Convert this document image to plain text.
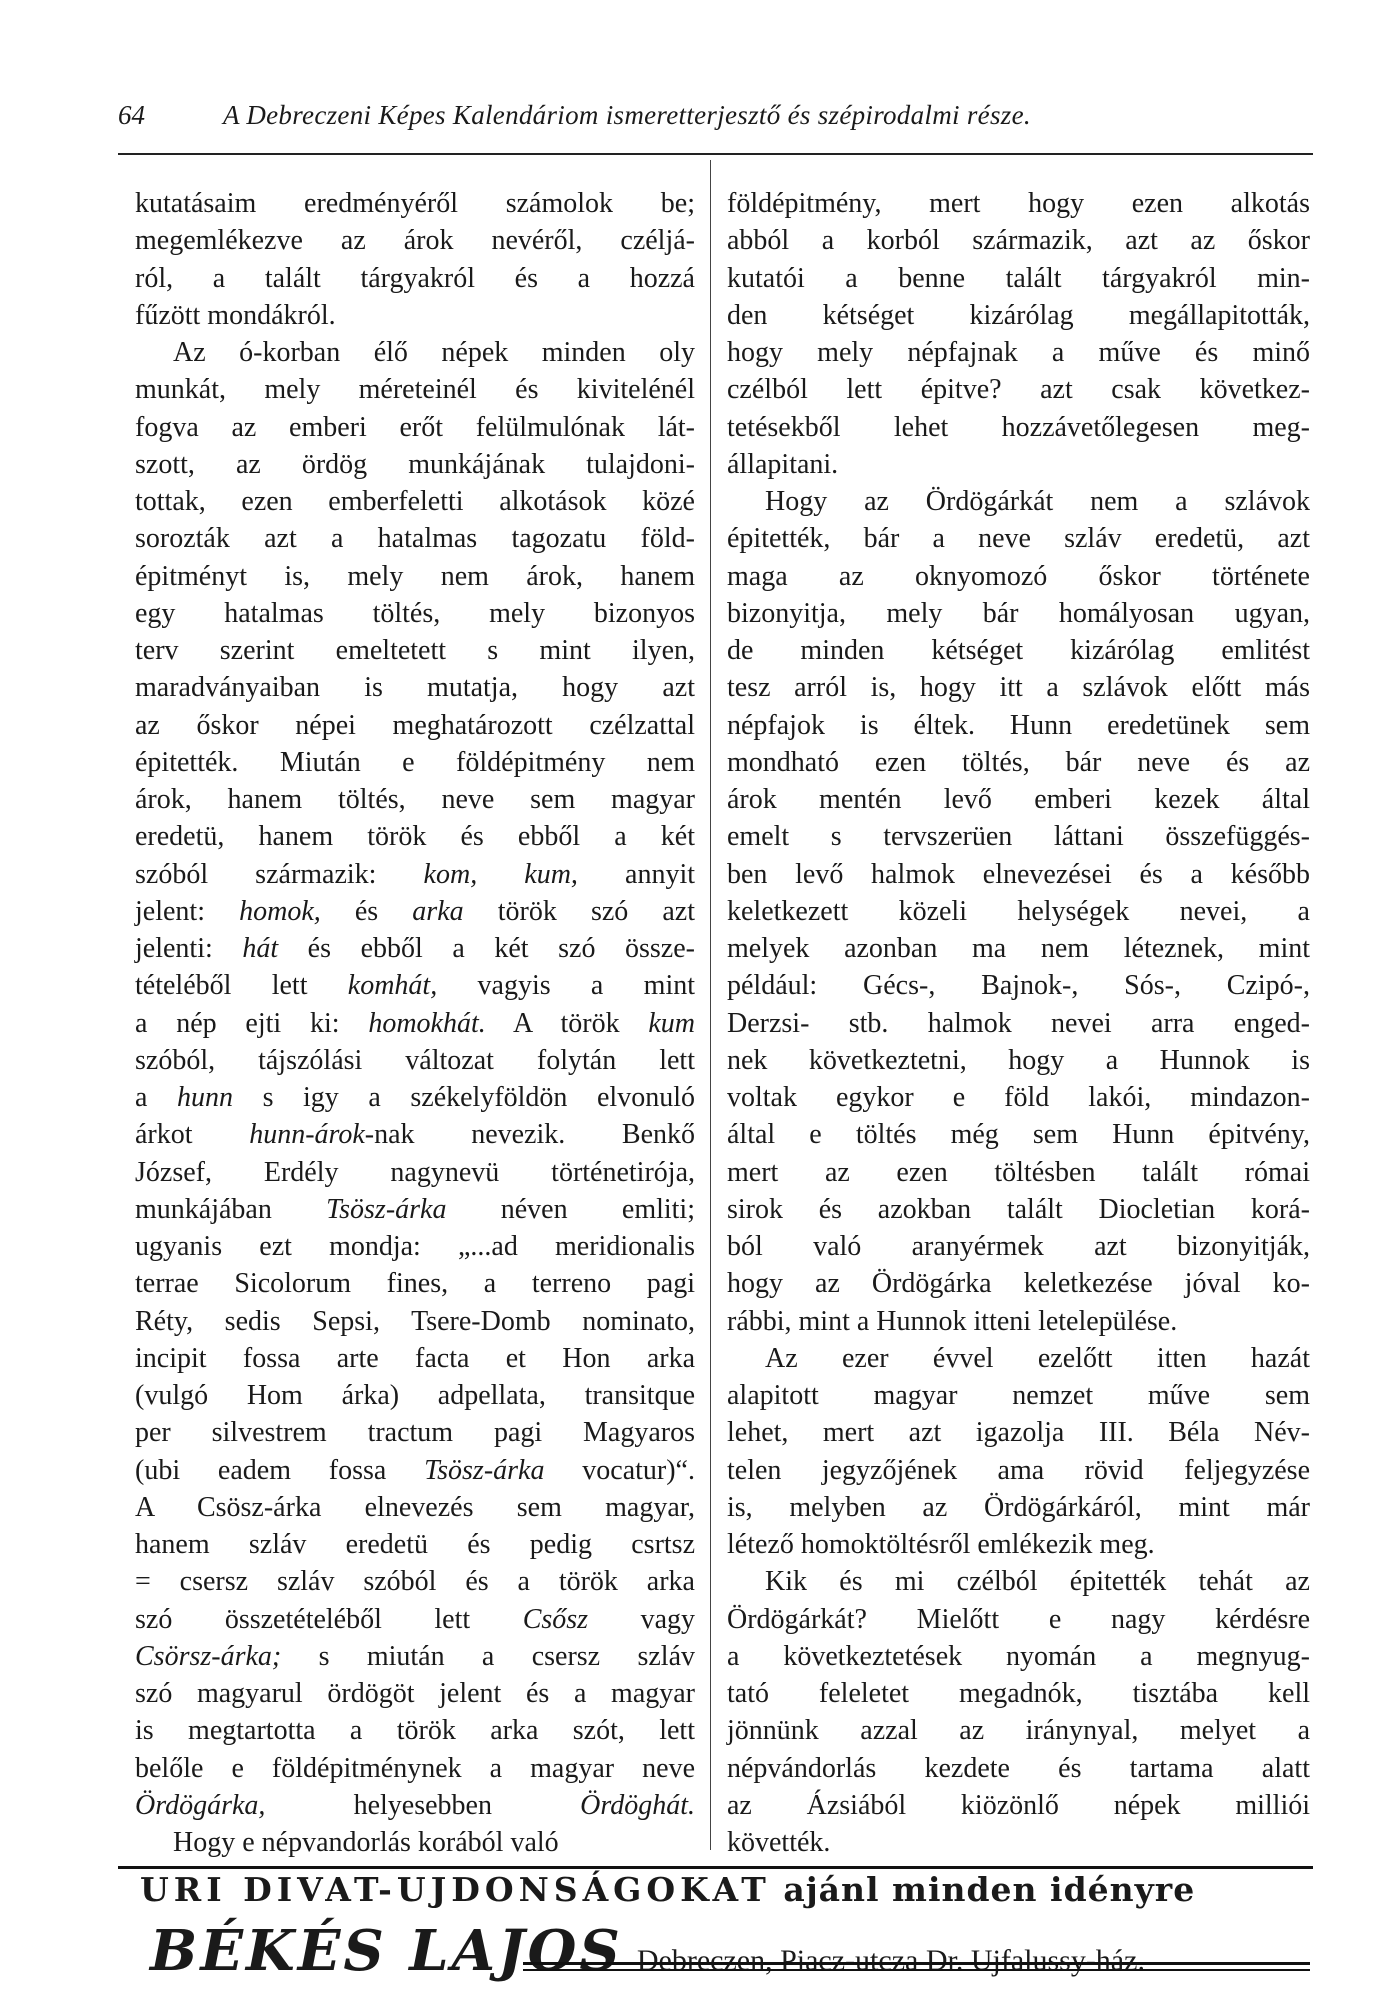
64	A Debreczeni Képes Kalendáriom ismeretterjesztő és szépirodalmi része.
kutatásaim eredményéről számolok be;
megemlékezve az árok nevéről, czéljá-
ról, a talált tárgyakról és a hozzá
fűzött mondákról.
Az ó-korban élő népek minden oly
munkát, mely méreteinél és kivitelénél
fogva az emberi erőt felülmulónak lát-
szott, az ördög munkájának tulajdoni-
tottak, ezen emberfeletti alkotások közé
sorozták azt a hatalmas tagozatu föld-
épitményt is, mely nem árok, hanem
egy hatalmas töltés, mely bizonyos
terv szerint emeltetett s mint ilyen,
maradványaiban is mutatja, hogy azt
az őskor népei meghatározott czélzattal
épitették. Miután e földépitmény nem
árok, hanem töltés, neve sem magyar
eredetü, hanem török és ebből a két
szóból származik: kom, kum, annyit
jelent: homok, és arka török szó azt
jelenti: hát és ebből a két szó össze-
tételéből lett komhát, vagyis a mint
a nép ejti ki: homokhát. A török kum
szóból, tájszólási változat folytán lett
a hunn s igy a székelyföldön elvonuló
árkot hunn-árok-nak nevezik. Benkő
József, Erdély nagynevü történetirója,
munkájában Tsösz-árka néven emliti;
ugyanis ezt mondja: „...ad meridionalis
terrae Sicolorum fines, a terreno pagi
Réty, sedis Sepsi, Tsere-Domb nominato,
incipit fossa arte facta et Hon arka
(vulgó Hom árka) adpellata, transitque
per silvestrem tractum pagi Magyaros
(ubi eadem fossa Tsösz-árka vocatur)“.
A Csösz-árka elnevezés sem magyar,
hanem szláv eredetü és pedig csrtsz
= csersz szláv szóból és a török arka
szó összetételéből lett Csősz vagy
Csörsz-árka; s miután a csersz szláv
szó magyarul ördögöt jelent és a magyar
is megtartotta a török arka szót, lett
belőle e földépitménynek a magyar neve
Ördögárka, helyesebben Ördöghát.
Hogy e népvandorlás korából való
földépitmény, mert hogy ezen alkotás
abból a korból származik, azt az őskor
kutatói a benne talált tárgyakról min-
den kétséget kizárólag megállapitották,
hogy mely népfajnak a műve és minő
czélból lett épitve? azt csak következ-
tetésekből lehet hozzávetőlegesen meg-
állapitani.
Hogy az Ördögárkát nem a szlávok
épitették, bár a neve szláv eredetü, azt
maga az oknyomozó őskor története
bizonyitja, mely bár homályosan ugyan,
de minden kétséget kizárólag emlitést
tesz arról is, hogy itt a szlávok előtt más
népfajok is éltek. Hunn eredetünek sem
mondható ezen töltés, bár neve és az
árok mentén levő emberi kezek által
emelt s tervszerüen láttani összefüggés-
ben levő halmok elnevezései és a később
keletkezett közeli helységek nevei, a
melyek azonban ma nem léteznek, mint
például: Gécs-, Bajnok-, Sós-, Czipó-,
Derzsi- stb. halmok nevei arra enged-
nek következtetni, hogy a Hunnok is
voltak egykor e föld lakói, mindazon-
által e töltés még sem Hunn épitvény,
mert az ezen töltésben talált római
sirok és azokban talált Diocletian korá-
ból való aranyérmek azt bizonyitják,
hogy az Ördögárka keletkezése jóval ko-
rábbi, mint a Hunnok itteni letelepülése.
Az ezer évvel ezelőtt itten hazát
alapitott magyar nemzet műve sem
lehet, mert azt igazolja III. Béla Név-
telen jegyzőjének ama rövid feljegyzése
is, melyben az Ördögárkáról, mint már
létező homoktöltésről emlékezik meg.
Kik és mi czélból épitették tehát az
Ördögárkát? Mielőtt e nagy kérdésre
a következtetések nyomán a megnyug-
tató feleletet megadnók, tisztába kell
jönnünk azzal az iránynyal, melyet a
népvándorlás kezdete és tartama alatt
az Ázsiából kiözönlő népek milliói
követték.
URI DIVAT-UJDONSÁGOKAT ajánl minden idényre
BÉKÉS LAJOS Debreczen, Piacz-utcza Dr. Ujfalussy-ház.
